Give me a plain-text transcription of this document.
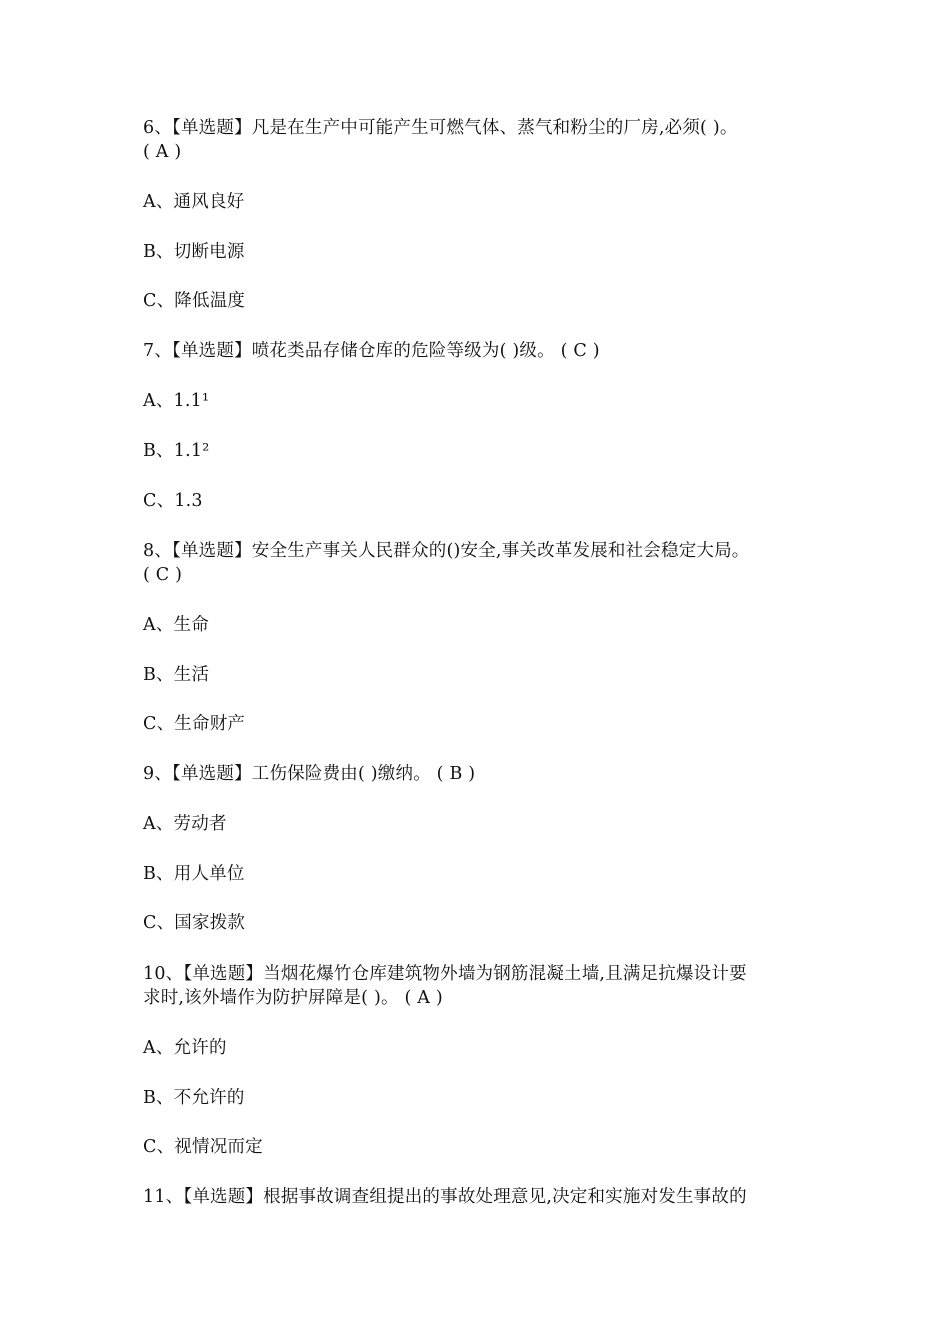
6、【单选题】凡是在生产中可能产生可燃气体、蒸气和粉尘的厂房,必须( )。
( A )
A、通风良好
B、切断电源
C、降低温度
7、【单选题】喷花类品存储仓库的危险等级为( )级。 ( C )
A、1.1¹
B、1.1²
C、1.3
8、【单选题】安全生产事关人民群众的()安全,事关改革发展和社会稳定大局。
( C )
A、生命
B、生活
C、生命财产
9、【单选题】工伤保险费由( )缴纳。 ( B )
A、劳动者
B、用人单位
C、国家拨款
10、【单选题】当烟花爆竹仓库建筑物外墙为钢筋混凝土墙,且满足抗爆设计要
求时,该外墙作为防护屏障是( )。 ( A )
A、允许的
B、不允许的
C、视情况而定
11、【单选题】根据事故调查组提出的事故处理意见,决定和实施对发生事故的
